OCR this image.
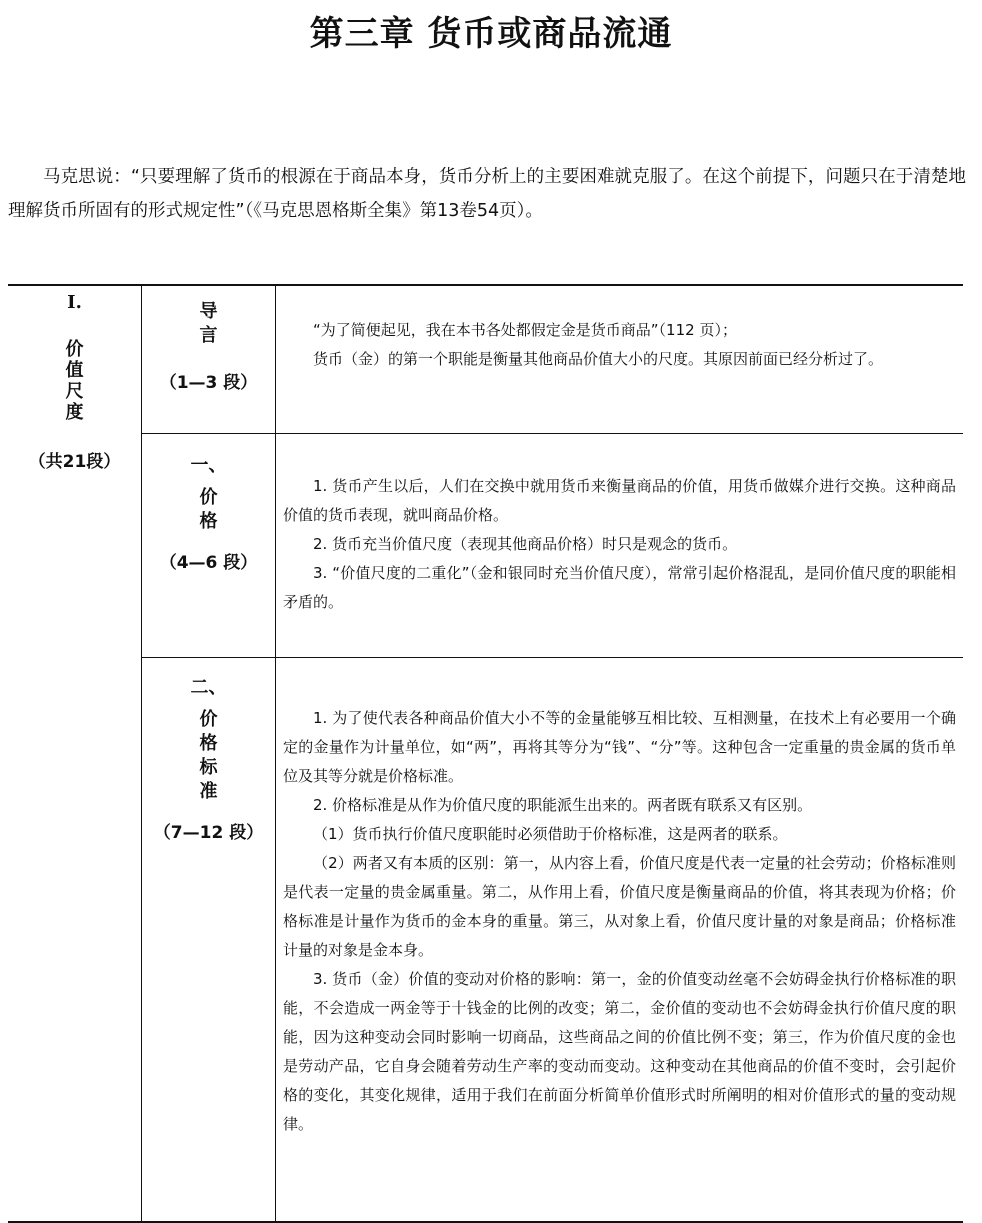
第三章 货币或商品流通

马克思说：“只要理解了货币的根源在于商品本身，货币分析上的主要困难就克服了。在这个前提下，问题只在于清楚地理解货币所固有的形式规定性”（《马克思恩格斯全集》第13卷54页）。

Ⅰ.
价
值
尺
度
（共21段）
导
言
（1—3 段）

“为了简便起见，我在本书各处都假定金是货币商品”（112 页）；

货币（金）的第一个职能是衡量其他商品价值大小的尺度。其原因前面已经分析过了。

一、
价
格
（4—6 段）

1. 货币产生以后，人们在交换中就用货币来衡量商品的价值，用货币做媒介进行交换。这种商品价值的货币表现，就叫商品价格。

2. 货币充当价值尺度（表现其他商品价格）时只是观念的货币。

3. “价值尺度的二重化”（金和银同时充当价值尺度），常常引起价格混乱，是同价值尺度的职能相矛盾的。

二、
价
格
标
准
（7—12 段）

1. 为了使代表各种商品价值大小不等的金量能够互相比较、互相测量，在技术上有必要用一个确定的金量作为计量单位，如“两”，再将其等分为“钱”、“分”等。这种包含一定重量的贵金属的货币单位及其等分就是价格标准。

2. 价格标准是从作为价值尺度的职能派生出来的。两者既有联系又有区别。

（1）货币执行价值尺度职能时必须借助于价格标准，这是两者的联系。

（2）两者又有本质的区别：第一，从内容上看，价值尺度是代表一定量的社会劳动；价格标准则是代表一定量的贵金属重量。第二，从作用上看，价值尺度是衡量商品的价值，将其表现为价格；价格标准是计量作为货币的金本身的重量。第三，从对象上看，价值尺度计量的对象是商品；价格标准计量的对象是金本身。

3. 货币（金）价值的变动对价格的影响：第一，金的价值变动丝毫不会妨碍金执行价格标准的职能，不会造成一两金等于十钱金的比例的改变；第二，金价值的变动也不会妨碍金执行价值尺度的职能，因为这种变动会同时影响一切商品，这些商品之间的价值比例不变；第三，作为价值尺度的金也是劳动产品，它自身会随着劳动生产率的变动而变动。这种变动在其他商品的价值不变时，会引起价格的变化，其变化规律，适用于我们在前面分析简单价值形式时所阐明的相对价值形式的量的变动规律。
